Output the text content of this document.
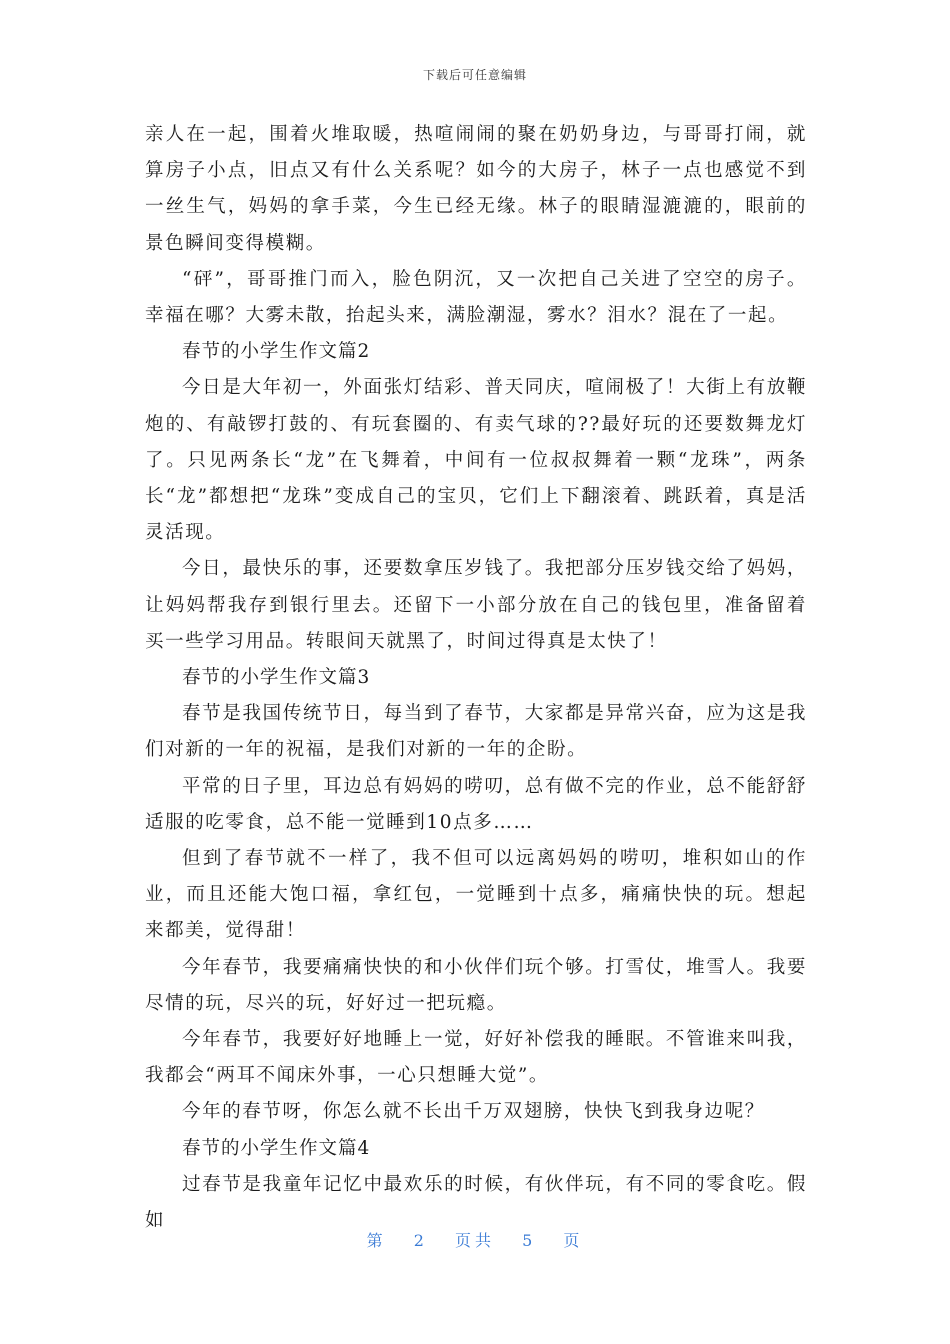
下载后可任意编辑

亲人在一起，围着火堆取暖，热喧闹闹的聚在奶奶身边，与哥哥打闹，就算房子小点，旧点又有什么关系呢？如今的大房子，林子一点也感觉不到一丝生气，妈妈的拿手菜，今生已经无缘。林子的眼睛湿漉漉的，眼前的景色瞬间变得模糊。

“砰”，哥哥推门而入，脸色阴沉，又一次把自己关进了空空的房子。幸福在哪？大雾未散，抬起头来，满脸潮湿，雾水？泪水？混在了一起。

春节的小学生作文篇2

今日是大年初一，外面张灯结彩、普天同庆，喧闹极了！大街上有放鞭炮的、有敲锣打鼓的、有玩套圈的、有卖气球的??最好玩的还要数舞龙灯了。只见两条长“龙”在飞舞着，中间有一位叔叔舞着一颗“龙珠”，两条长“龙”都想把“龙珠”变成自己的宝贝，它们上下翻滚着、跳跃着，真是活灵活现。

今日，最快乐的事，还要数拿压岁钱了。我把部分压岁钱交给了妈妈，让妈妈帮我存到银行里去。还留下一小部分放在自己的钱包里，准备留着买一些学习用品。转眼间天就黑了，时间过得真是太快了！

春节的小学生作文篇3

春节是我国传统节日，每当到了春节，大家都是异常兴奋，应为这是我们对新的一年的祝福，是我们对新的一年的企盼。

平常的日子里，耳边总有妈妈的唠叨，总有做不完的作业，总不能舒舒适服的吃零食，总不能一觉睡到10点多……

但到了春节就不一样了，我不但可以远离妈妈的唠叨，堆积如山的作业，而且还能大饱口福，拿红包，一觉睡到十点多，痛痛快快的玩。想起来都美，觉得甜！

今年春节，我要痛痛快快的和小伙伴们玩个够。打雪仗，堆雪人。我要尽情的玩，尽兴的玩，好好过一把玩瘾。

今年春节，我要好好地睡上一觉，好好补偿我的睡眠。不管谁来叫我，我都会“两耳不闻床外事，一心只想睡大觉”。

今年的春节呀，你怎么就不长出千万双翅膀，快快飞到我身边呢？

春节的小学生作文篇4

过春节是我童年记忆中最欢乐的时候，有伙伴玩，有不同的零食吃。假如

第 2 页共 5 页
